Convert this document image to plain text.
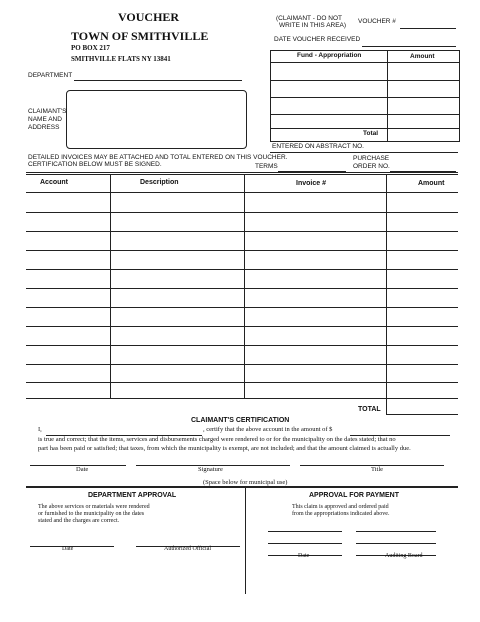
VOUCHER
TOWN OF SMITHVILLE
PO BOX 217
SMITHVILLE FLATS NY 13841
(CLAIMANT - DO NOT
WRITE IN THIS AREA)
VOUCHER #
DATE VOUCHER RECEIVED
Fund - Appropriation	Amount
Total
ENTERED ON ABSTRACT NO.
DEPARTMENT
CLAIMANT'S
NAME AND
ADDRESS
DETAILED INVOICES MAY BE ATTACHED AND TOTAL ENTERED ON THIS VOUCHER.
CERTIFICATION BELOW MUST BE SIGNED.	TERMS
PURCHASE
ORDER NO.
Account	Description	Invoice #	Amount
TOTAL
CLAIMANT'S CERTIFICATION
I,	, certify that the above account in the amount of $
is true and correct; that the items, services and disbursements charged were rendered to or for the municipality on the dates stated; that no
part has been paid or satisfied; that taxes, from which the municipality is exempt, are not included; and that the amount claimed is actually due.
Date	Signature	Title
(Space below for municipal use)
DEPARTMENT APPROVAL
The above services or materials were rendered
or furnished to the municipality on the dates
stated and the charges are correct.
Date	Authorized Official
APPROVAL FOR PAYMENT
This claim is approved and ordered paid
from the appropriations indicated above.
Date	Auditing Board
